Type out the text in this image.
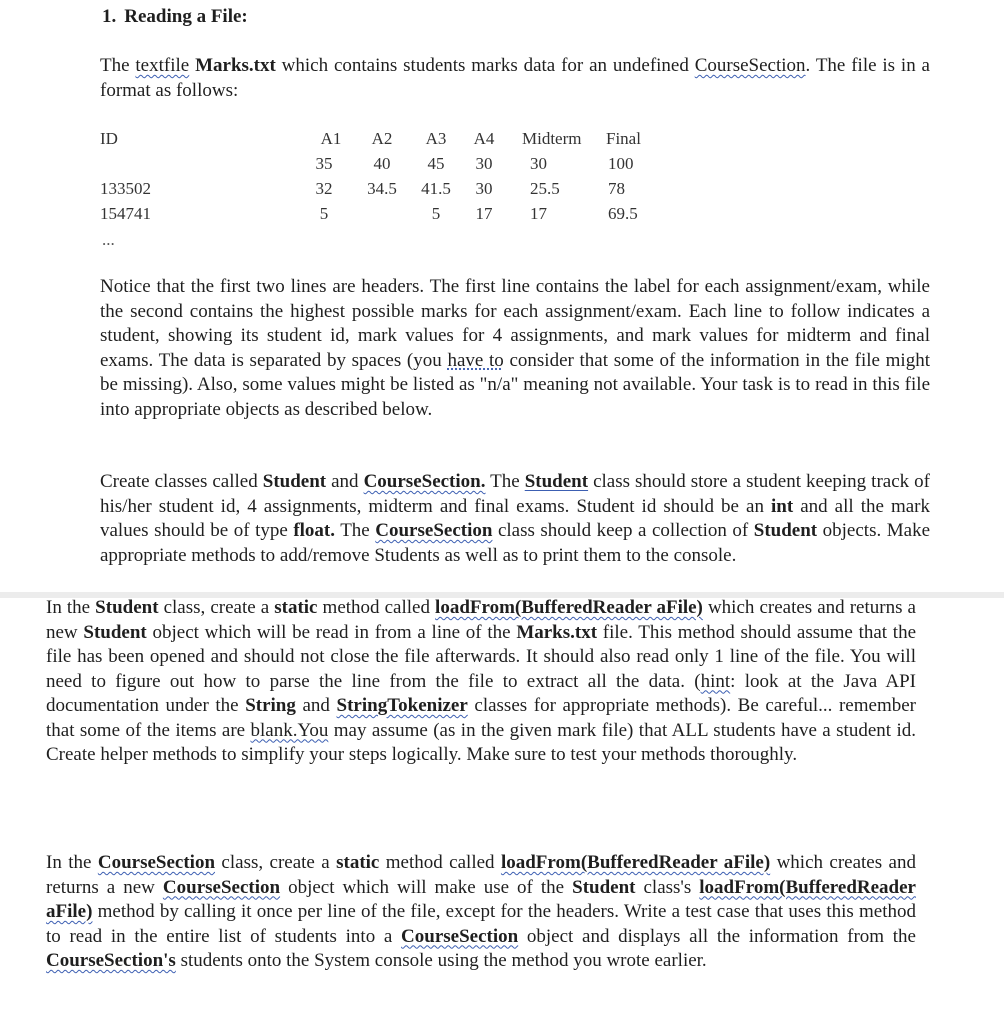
1. Reading a File:

The textfile Marks.txt which contains students marks data for an undefined CourseSection. The file is in a format as follows:

ID	A1	A2	A3	A4	Midterm	Final
	35	40	45	30	30	100
133502	32	34.5	41.5	30	25.5	78
154741	5		5	17	17	69.5
...

Notice that the first two lines are headers. The first line contains the label for each assignment/exam, while the second contains the highest possible marks for each assignment/exam. Each line to follow indicates a student, showing its student id, mark values for 4 assignments, and mark values for midterm and final exams. The data is separated by spaces (you have to consider that some of the information in the file might be missing). Also, some values might be listed as "n/a" meaning not available. Your task is to read in this file into appropriate objects as described below.

Create classes called Student and CourseSection. The Student class should store a student keeping track of his/her student id, 4 assignments, midterm and final exams. Student id should be an int and all the mark values should be of type float. The CourseSection class should keep a collection of Student objects. Make appropriate methods to add/remove Students as well as to print them to the console.

In the Student class, create a static method called loadFrom(BufferedReader aFile) which creates and returns a new Student object which will be read in from a line of the Marks.txt file. This method should assume that the file has been opened and should not close the file afterwards. It should also read only 1 line of the file. You will need to figure out how to parse the line from the file to extract all the data. (hint: look at the Java API documentation under the String and StringTokenizer classes for appropriate methods). Be careful... remember that some of the items are blank.You may assume (as in the given mark file) that ALL students have a student id. Create helper methods to simplify your steps logically. Make sure to test your methods thoroughly.

In the CourseSection class, create a static method called loadFrom(BufferedReader aFile) which creates and returns a new CourseSection object which will make use of the Student class's loadFrom(BufferedReader aFile) method by calling it once per line of the file, except for the headers. Write a test case that uses this method to read in the entire list of students into a CourseSection object and displays all the information from the CourseSection's students onto the System console using the method you wrote earlier.
